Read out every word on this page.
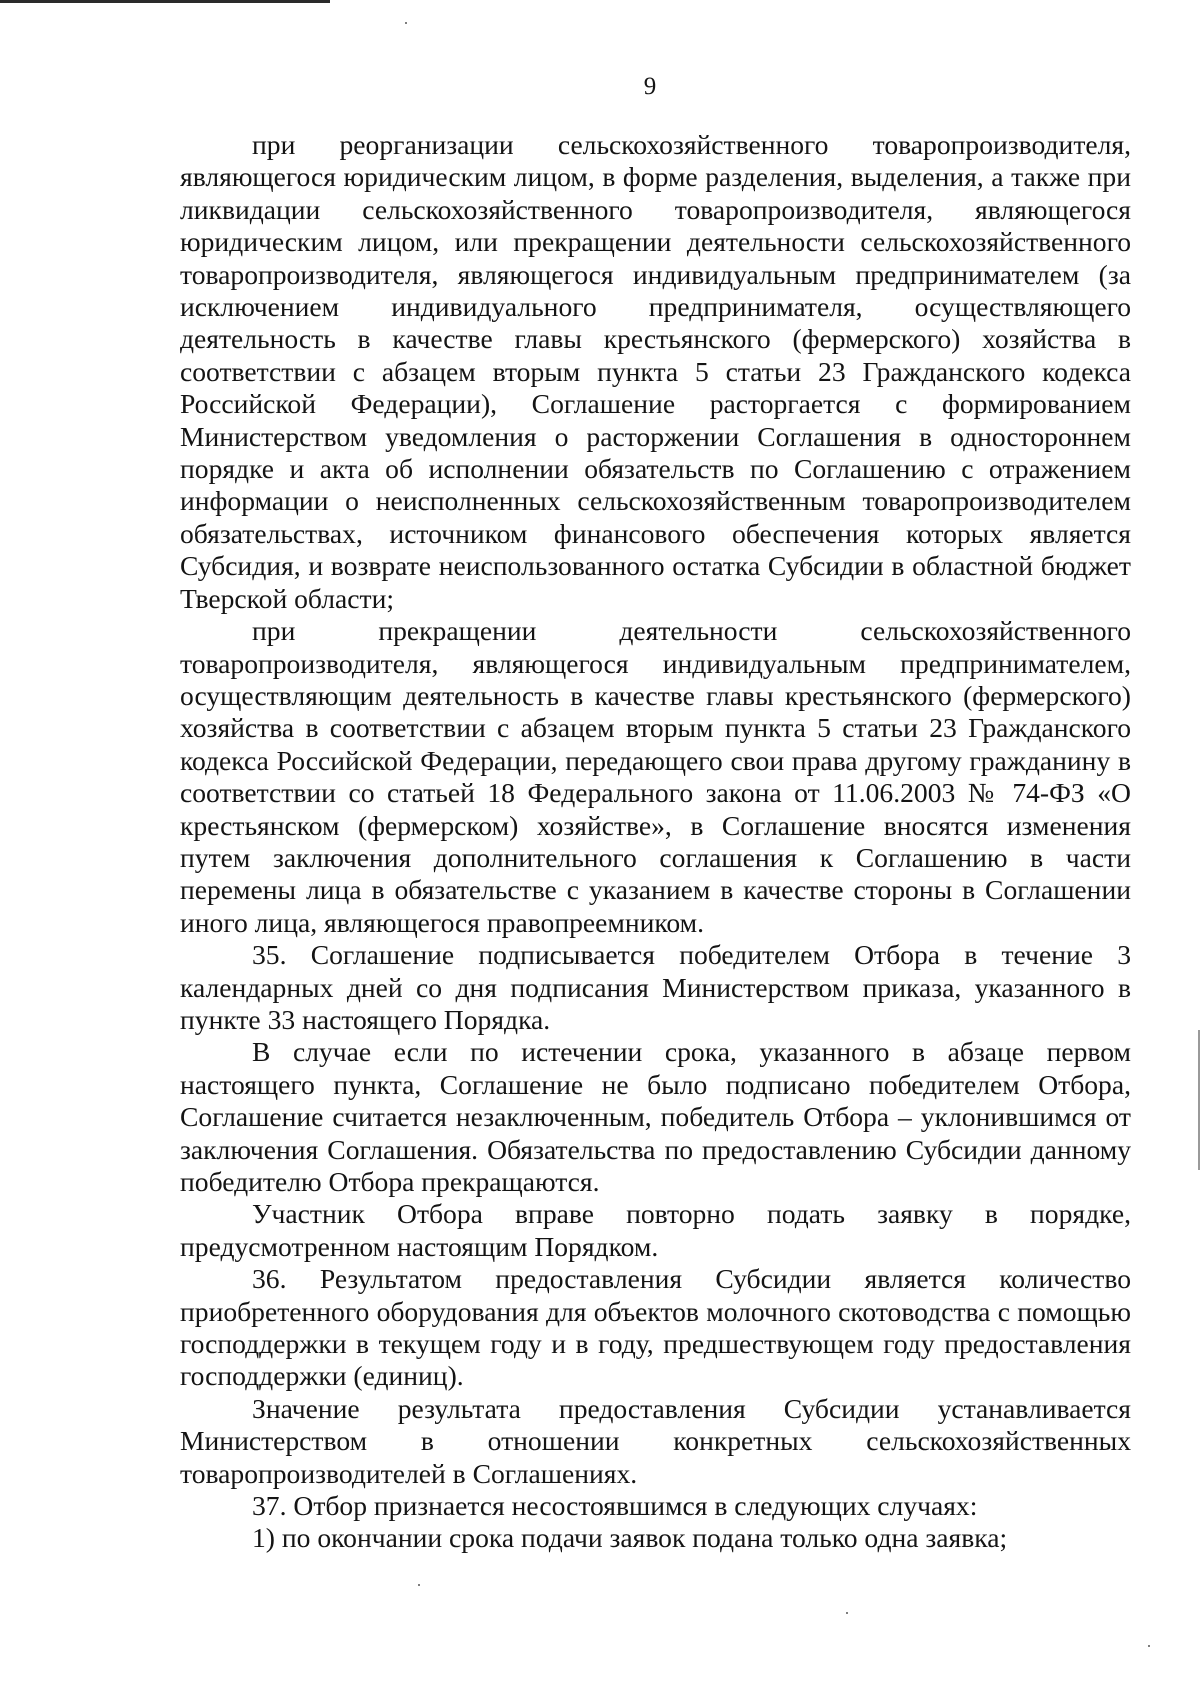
9

при реорганизации сельскохозяйственного товаропроизводителя, являющегося юридическим лицом, в форме разделения, выделения, а также при ликвидации сельскохозяйственного товаропроизводителя, являющегося юридическим лицом, или прекращении деятельности сельскохозяйственного товаропроизводителя, являющегося индивидуальным предпринимателем (за исключением индивидуального предпринимателя, осуществляющего деятельность в качестве главы крестьянского (фермерского) хозяйства в соответствии с абзацем вторым пункта 5 статьи 23 Гражданского кодекса Российской Федерации), Соглашение расторгается с формированием Министерством уведомления о расторжении Соглашения в одностороннем порядке и акта об исполнении обязательств по Соглашению с отражением информации о неисполненных сельскохозяйственным товаропроизводителем обязательствах, источником финансового обеспечения которых является Субсидия, и возврате неиспользованного остатка Субсидии в областной бюджет Тверской области;

при прекращении деятельности сельскохозяйственного товаропроизводителя, являющегося индивидуальным предпринимателем, осуществляющим деятельность в качестве главы крестьянского (фермерского) хозяйства в соответствии с абзацем вторым пункта 5 статьи 23 Гражданского кодекса Российской Федерации, передающего свои права другому гражданину в соответствии со статьей 18 Федерального закона от 11.06.2003 № 74-ФЗ «О крестьянском (фермерском) хозяйстве», в Соглашение вносятся изменения путем заключения дополнительного соглашения к Соглашению в части перемены лица в обязательстве с указанием в качестве стороны в Соглашении иного лица, являющегося правопреемником.

35. Соглашение подписывается победителем Отбора в течение 3 календарных дней со дня подписания Министерством приказа, указанного в пункте 33 настоящего Порядка.

В случае если по истечении срока, указанного в абзаце первом настоящего пункта, Соглашение не было подписано победителем Отбора, Соглашение считается незаключенным, победитель Отбора – уклонившимся от заключения Соглашения. Обязательства по предоставлению Субсидии данному победителю Отбора прекращаются.

Участник Отбора вправе повторно подать заявку в порядке, предусмотренном настоящим Порядком.

36. Результатом предоставления Субсидии является количество приобретенного оборудования для объектов молочного скотоводства с помощью господдержки в текущем году и в году, предшествующем году предоставления господдержки (единиц).

Значение результата предоставления Субсидии устанавливается Министерством в отношении конкретных сельскохозяйственных товаропроизводителей в Соглашениях.

37. Отбор признается несостоявшимся в следующих случаях:

1) по окончании срока подачи заявок подана только одна заявка;
